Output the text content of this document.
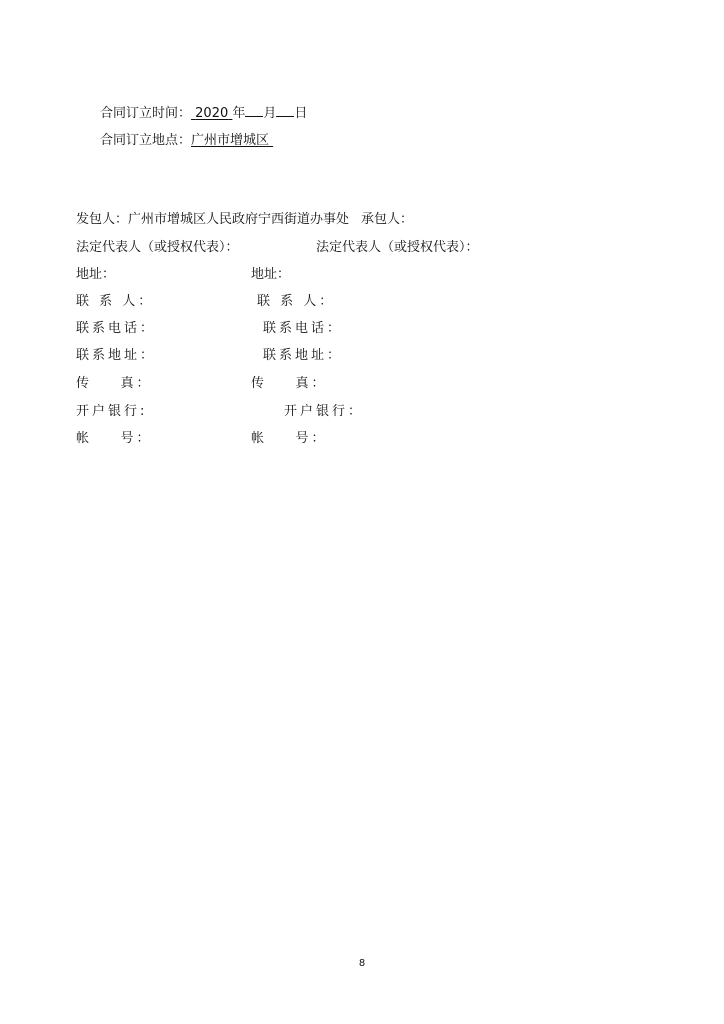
合同订立时间： 2020 年 月 日
合同订立地点：广州市增城区
发包人：广州市增城区人民政府宁西街道办事处 承包人：
法定代表人（或授权代表）：
地址：
联 系 人：
联系电话：
联系地址：
传    真：
开户银行:
帐    号：
法定代表人（或授权代表）：
地址：
联 系 人：
联系电话：
联系地址：
传    真：
开户银行：
帐    号：
8
